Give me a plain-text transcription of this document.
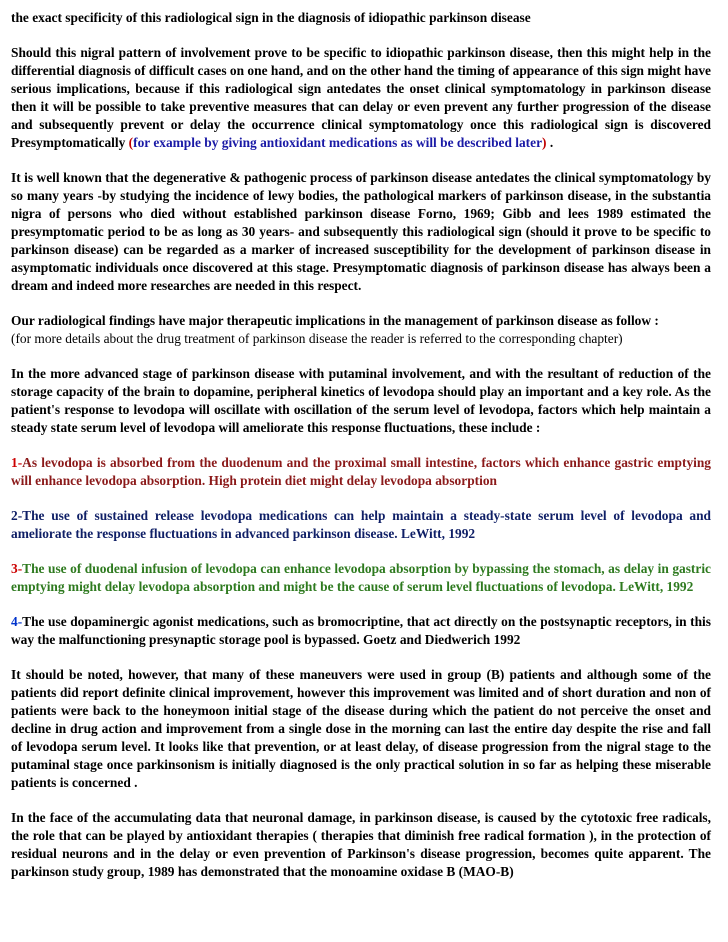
the exact specificity of this radiological sign in the diagnosis of idiopathic parkinson disease

Should this nigral pattern of involvement prove to be specific to idiopathic parkinson disease, then this might help in the differential diagnosis of difficult cases on one hand, and on the other hand the timing of appearance of this sign might have serious implications, because if this radiological sign antedates the onset clinical symptomatology in parkinson disease then it will be possible to take preventive measures that can delay or even prevent any further progression of the disease and subsequently prevent or delay the occurrence clinical symptomatology once this radiological sign is discovered Presymptomatically (for example by giving antioxidant medications as will be described later) .

It is well known that the degenerative & pathogenic process of parkinson disease antedates the clinical symptomatology by so many years -by studying the incidence of lewy bodies, the pathological markers of parkinson disease, in the substantia nigra of persons who died without established parkinson disease Forno, 1969; Gibb and lees 1989 estimated the presymptomatic period to be as long as 30 years- and subsequently this radiological sign (should it prove to be specific to parkinson disease) can be regarded as a marker of increased susceptibility for the development of parkinson disease in asymptomatic individuals once discovered at this stage. Presymptomatic diagnosis of parkinson disease has always been a dream and indeed more researches are needed in this respect.

Our radiological findings have major therapeutic implications in the management of parkinson disease as follow :
(for more details about the drug treatment of parkinson disease the reader is referred to the corresponding chapter)

In the more advanced stage of parkinson disease with putaminal involvement, and with the resultant of reduction of the storage capacity of the brain to dopamine, peripheral kinetics of levodopa should play an important and a key role. As the patient's response to levodopa will oscillate with oscillation of the serum level of levodopa, factors which help maintain a steady state serum level of levodopa will ameliorate this response fluctuations, these include :

1-As levodopa is absorbed from the duodenum and the proximal small intestine, factors which enhance gastric emptying will enhance levodopa absorption. High protein diet might delay levodopa absorption

2-The use of sustained release levodopa medications can help maintain a steady-state serum level of levodopa and ameliorate the response fluctuations in advanced parkinson disease. LeWitt, 1992

3-The use of duodenal infusion of levodopa can enhance levodopa absorption by bypassing the stomach, as delay in gastric emptying might delay levodopa absorption and might be the cause of serum level fluctuations of levodopa. LeWitt, 1992

4-The use dopaminergic agonist medications, such as bromocriptine, that act directly on the postsynaptic receptors, in this way the malfunctioning presynaptic storage pool is bypassed. Goetz and Diedwerich 1992

It should be noted, however, that many of these maneuvers were used in group (B) patients and although some of the patients did report definite clinical improvement, however this improvement was limited and of short duration and non of patients were back to the honeymoon initial stage of the disease during which the patient do not perceive the onset and decline in drug action and improvement from a single dose in the morning can last the entire day despite the rise and fall of levodopa serum level. It looks like that prevention, or at least delay, of disease progression from the nigral stage to the putaminal stage once parkinsonism is initially diagnosed is the only practical solution in so far as helping these miserable patients is concerned .

In the face of the accumulating data that neuronal damage, in parkinson disease, is caused by the cytotoxic free radicals, the role that can be played by antioxidant therapies ( therapies that diminish free radical formation ), in the protection of residual neurons and in the delay or even prevention of Parkinson's disease progression, becomes quite apparent. The parkinson study group, 1989 has demonstrated that the monoamine oxidase B (MAO-B)
